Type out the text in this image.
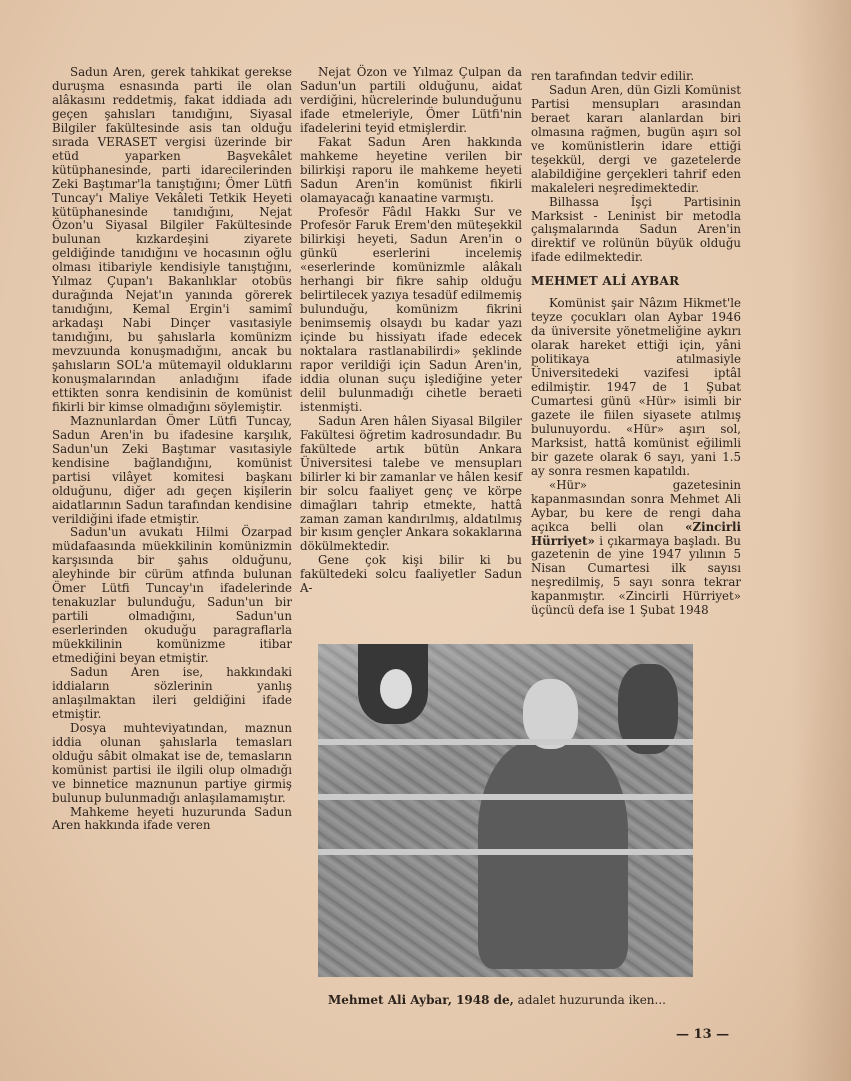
Sadun Aren, gerek tahkikat gerekse duruşma esnasında parti ile olan alâkasını reddetmiş, fakat iddiada adı geçen şahısları tanıdığını, Siyasal Bilgiler fakültesinde asis tan olduğu sırada VERASET vergisi üzerinde bir etüd yaparken Başvekâlet kütüphanesinde, parti idarecilerinden Zeki Baştımar'la tanıştığını; Ömer Lütfi Tuncay'ı Maliye Vekâleti Tetkik Heyeti kütüphanesinde tanıdığını, Nejat Özon'u Siyasal Bilgiler Fakültesinde bulunan kızkardeşini ziyarete geldiğinde tanıdığını ve hocasının oğlu olması itibariyle kendisiyle tanıştığını, Yılmaz Çupan'ı Bakanlıklar otobüs durağında Nejat'ın yanında görerek tanıdığını, Kemal Ergin'i samimî arkadaşı Nabi Dinçer vasıtasiyle tanıdığını, bu şahıslarla komünizm mevzuunda konuşmadığını, ancak bu şahısların SOL'a mütemayil olduklarını konuşmalarından anladığını ifade ettikten sonra kendisinin de komünist fikirli bir kimse olmadığını söylemiştir.

Maznunlardan Ömer Lütfi Tuncay, Sadun Aren'in bu ifadesine karşılık, Sadun'un Zeki Baştımar vasıtasiyle kendisine bağlandığını, komünist partisi vilâyet komitesi başkanı olduğunu, diğer adı geçen kişilerin aidatlarının Sadun tarafından kendisine verildiğini ifade etmiştir.

Sadun'un avukatı Hilmi Özarpad müdafaasında müekkilinin komünizmin karşısında bir şahıs olduğunu, aleyhinde bir cürüm atfında bulunan Ömer Lütfi Tuncay'ın ifadelerinde tenakuzlar bulunduğu, Sadun'un bir partili olmadığını, Sadun'un eserlerinden okuduğu paragraflarla müekkilinin komünizme itibar etmediğini beyan etmiştir.

Sadun Aren ise, hakkındaki iddiaların sözlerinin yanlış anlaşılmaktan ileri geldiğini ifade etmiştir.

Dosya muhteviyatından, maznun iddia olunan şahıslarla temasları olduğu sâbit olmakat ise de, temasların komünist partisi ile ilgili olup olmadığı ve binnetice maznunun partiye girmiş bulunup bulunmadığı anlaşılamamıştır.

Mahkeme heyeti huzurunda Sadun Aren hakkında ifade veren

Nejat Özon ve Yılmaz Çulpan da Sadun'un partili olduğunu, aidat verdiğini, hücrelerinde bulunduğunu ifade etmeleriyle, Ömer Lütfi'nin ifadelerini teyid etmişlerdir.

Fakat Sadun Aren hakkında mahkeme heyetine verilen bir bilirkişi raporu ile mahkeme heyeti Sadun Aren'in komünist fikirli olamayacağı kanaatine varmıştı.

Profesör Fâdıl Hakkı Sur ve Profesör Faruk Erem'den müteşekkil bilirkişi heyeti, Sadun Aren'in o günkü eserlerini incelemiş «eserlerinde komünizmle alâkalı herhangi bir fikre sahip olduğu belirtilecek yazıya tesadüf edilmemiş bulunduğu, komünizm fikrini benimsemiş olsaydı bu kadar yazı içinde bu hissiyatı ifade edecek noktalara rastlanabilirdi» şeklinde rapor verildiği için Sadun Aren'in, iddia olunan suçu işlediğine yeter delil bulunmadığı cihetle beraeti istenmişti.

Sadun Aren hâlen Siyasal Bilgiler Fakültesi öğretim kadrosundadır. Bu fakültede artık bütün Ankara Üniversitesi talebe ve mensupları bilirler ki bir zamanlar ve hâlen kesif bir solcu faaliyet genç ve körpe dimağları tahrip etmekte, hattâ zaman zaman kandırılmış, aldatılmış bir kısım gençler Ankara sokaklarına dökülmektedir.

Gene çok kişi bilir ki bu fakültedeki solcu faaliyetler Sadun A-

ren tarafından tedvir edilir.

Sadun Aren, dün Gizli Komünist Partisi mensupları arasından beraet kararı alanlardan biri olmasına rağmen, bugün aşırı sol ve komünistlerin idare ettiği teşekkül, dergi ve gazetelerde alabildiğine gerçekleri tahrif eden makaleleri neşredimektedir.

Bilhassa İşçi Partisinin Marksist - Leninist bir metodla çalışmalarında Sadun Aren'in direktif ve rolünün büyük olduğu ifade edilmektedir.

MEHMET ALİ AYBAR

Komünist şair Nâzım Hikmet'le teyze çocukları olan Aybar 1946 da üniversite yönetmeliğine aykırı olarak hareket ettiği için, yâni politikaya atılmasiyle Üniversitedeki vazifesi iptâl edilmiştir. 1947 de 1 Şubat Cumartesi günü «Hür» isimli bir gazete ile fiilen siyasete atılmış bulunuyordu. «Hür» aşırı sol, Marksist, hattâ komünist eğilimli bir gazete olarak 6 sayı, yani 1.5 ay sonra resmen kapatıldı.

«Hür» gazetesinin kapanmasından sonra Mehmet Ali Aybar, bu kere de rengi daha açıkca belli olan «Zincirli Hürriyet» i çıkarmaya başladı. Bu gazetenin de yine 1947 yılının 5 Nisan Cumartesi ilk sayısı neşredilmiş, 5 sayı sonra tekrar kapanmıştır. «Zincirli Hürriyet» üçüncü defa ise 1 Şubat 1948

Mehmet Ali Aybar, 1948 de, adalet huzurunda iken...
— 13 —
